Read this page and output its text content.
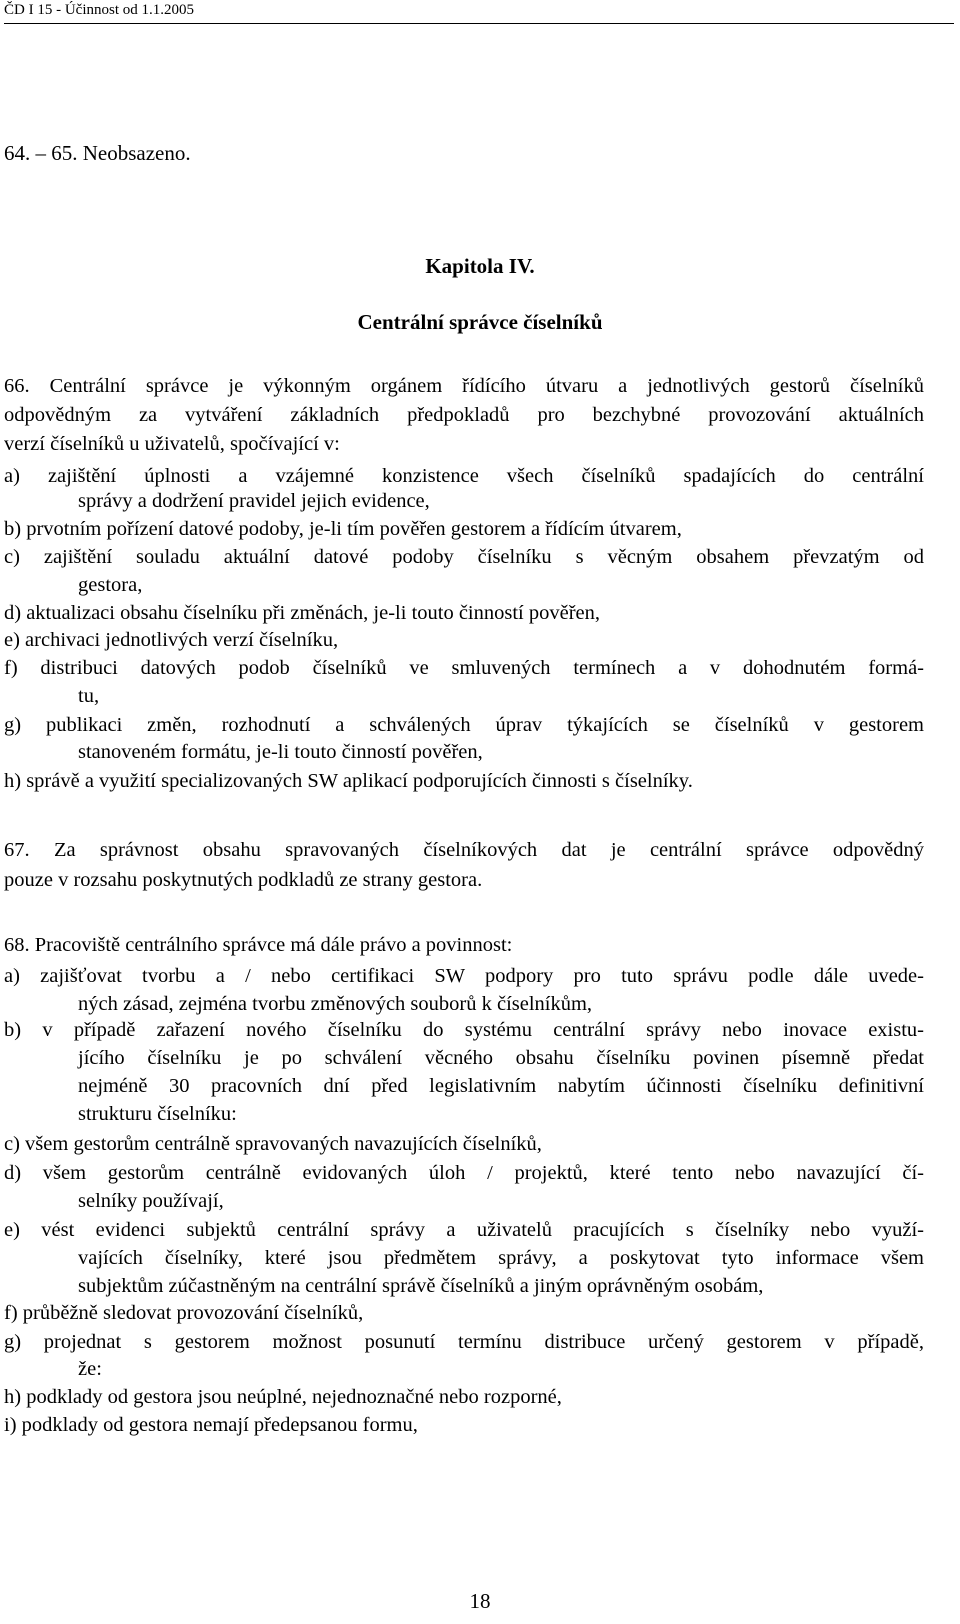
ČD I 15 - Účinnost od 1.1.2005
64. – 65. Neobsazeno.
Kapitola IV.
Centrální správce číselníků
66. Centrální správce je výkonným orgánem řídícího útvaru a jednotlivých gestorů číselníků
odpovědným za vytváření základních předpokladů pro bezchybné provozování aktuálních
verzí číselníků u uživatelů, spočívající v:
a) zajištění úplnosti a vzájemné konzistence všech číselníků spadajících do centrální
správy a dodržení pravidel jejich evidence,
b) prvotním pořízení datové podoby, je-li tím pověřen gestorem a řídícím útvarem,
c) zajištění souladu aktuální datové podoby číselníku s věcným obsahem převzatým od
gestora,
d) aktualizaci obsahu číselníku při změnách, je-li touto činností pověřen,
e) archivaci jednotlivých verzí číselníku,
f) distribuci datových podob číselníků ve smluvených termínech a v dohodnutém formá-
tu,
g) publikaci změn, rozhodnutí a schválených úprav týkajících se číselníků v gestorem
stanoveném formátu, je-li touto činností pověřen,
h) správě a využití specializovaných SW aplikací podporujících činnosti s číselníky.
67. Za správnost obsahu spravovaných číselníkových dat je centrální správce odpovědný
pouze v rozsahu poskytnutých podkladů ze strany gestora.
68. Pracoviště centrálního správce má dále právo a povinnost:
a) zajišťovat tvorbu a / nebo certifikaci SW podpory pro tuto správu podle dále uvede-
ných zásad, zejména tvorbu změnových souborů k číselníkům,
b) v případě zařazení nového číselníku do systému centrální správy nebo inovace existu-
jícího číselníku je po schválení věcného obsahu číselníku povinen písemně předat
nejméně 30 pracovních dní před legislativním nabytím účinnosti číselníku definitivní
strukturu číselníku:
c) všem gestorům centrálně spravovaných navazujících číselníků,
d) všem gestorům centrálně evidovaných úloh / projektů, které tento nebo navazující čí-
selníky používají,
e) vést evidenci subjektů centrální správy a uživatelů pracujících s číselníky nebo využí-
vajících číselníky, které jsou předmětem správy, a poskytovat tyto informace všem
subjektům zúčastněným na centrální správě číselníků a jiným oprávněným osobám,
f) průběžně sledovat provozování číselníků,
g) projednat s gestorem možnost posunutí termínu distribuce určený gestorem v případě,
že:
h) podklady od gestora jsou neúplné, nejednoznačné nebo rozporné,
i) podklady od gestora nemají předepsanou formu,
18
